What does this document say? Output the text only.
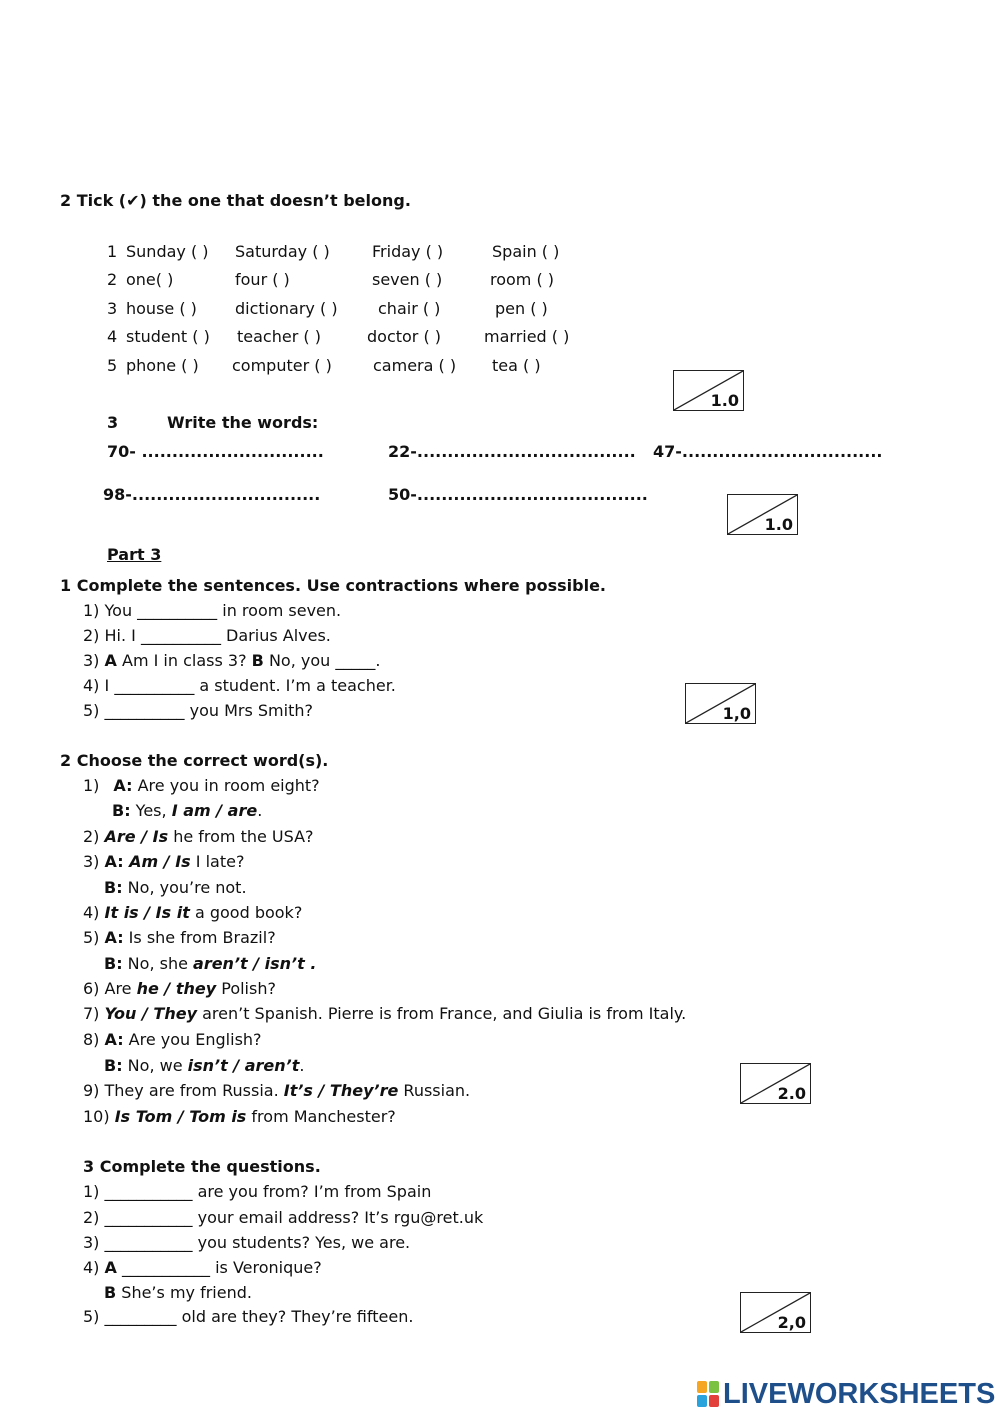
2 Tick (✔) the one that doesn’t belong.
1 Sunday ( ) Saturday ( )	Friday ( )	Spain ( )
2 one( )	four ( )	seven ( )	room ( )
3 house ( ) dictionary ( )	chair ( )	pen ( )
4 student ( ) teacher ( )	doctor ( )	married ( )
5 phone ( ) computer ( )	camera ( ) tea ( )
1.0
3	Write the words:
70- ..............................	22-.................................... 47-.................................
98-...............................	50-......................................
1.0
Part 3
1 Complete the sentences. Use contractions where possible.
1) You __________ in room seven.
2) Hi. I __________ Darius Alves.
3) A Am I in class 3? B No, you _____.
4) I __________ a student. I’m a teacher.
5) __________ you Mrs Smith?	1,0
2 Choose the correct word(s).
1) A: Are you in room eight?
B: Yes, I am / are.
2) Are / Is he from the USA?
3) A: Am / Is I late?
B: No, you’re not.
4) It is / Is it a good book?
5) A: Is she from Brazil?
B: No, she aren’t / isn’t .
6) Are he / they Polish?
7) You / They aren’t Spanish. Pierre is from France, and Giulia is from Italy.
8) A: Are you English?
B: No, we isn’t / aren’t.
9) They are from Russia. It’s / They’re Russian.
10) Is Tom / Tom is from Manchester?
2.0
3 Complete the questions.
1) ___________ are you from? I’m from Spain
2) ___________ your email address? It’s rgu@ret.uk
3) ___________ you students? Yes, we are.
4) A ___________ is Veronique?
B She’s my friend.
5) _________ old are they? They’re fifteen.	2,0
LIVEWORKSHEETS
